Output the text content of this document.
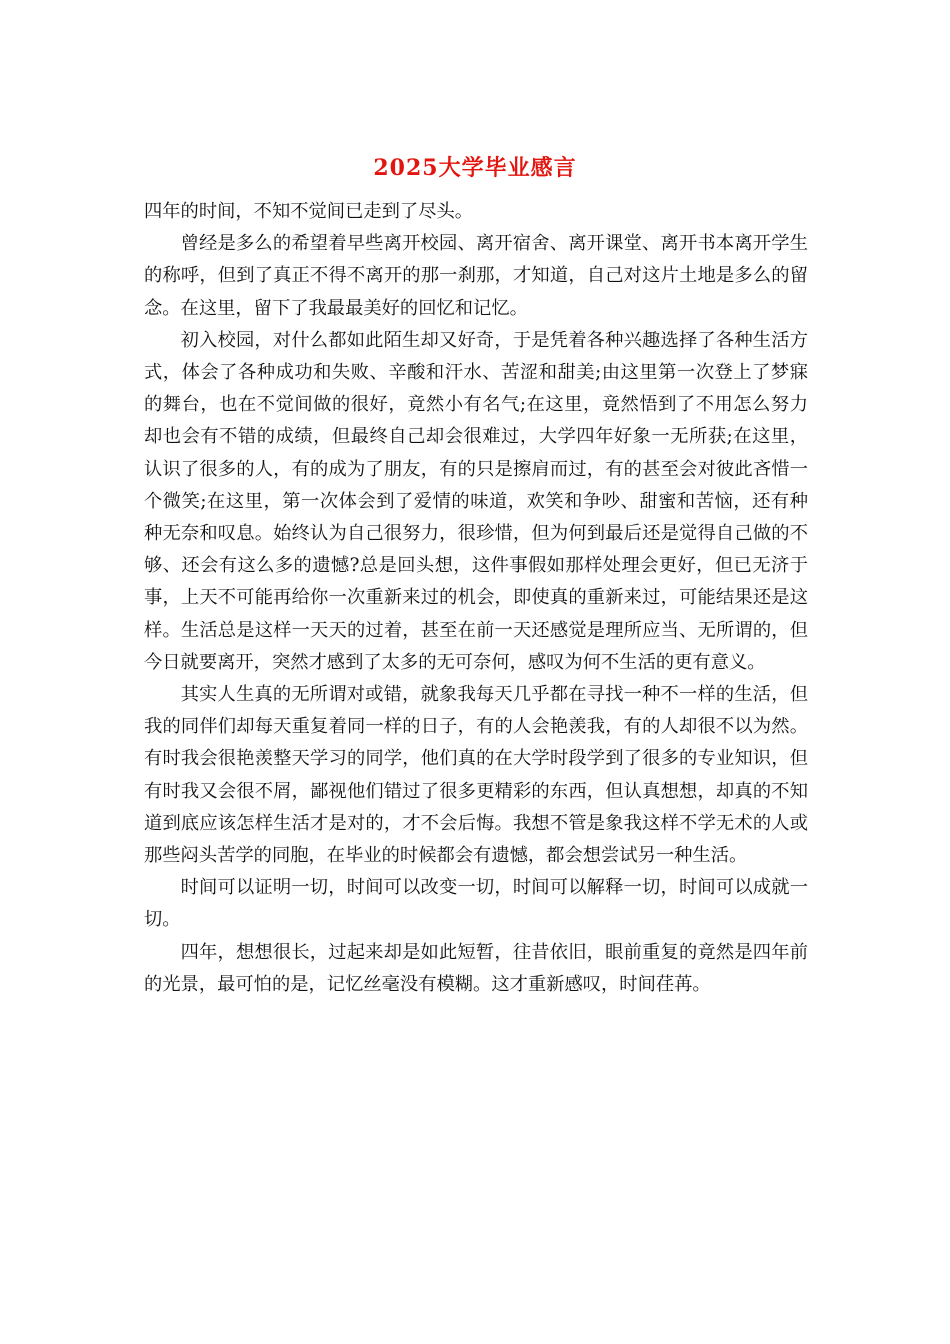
2025大学毕业感言

四年的时间，不知不觉间已走到了尽头。

曾经是多么的希望着早些离开校园、离开宿舍、离开课堂、离开书本离开学生的称呼，但到了真正不得不离开的那一刹那，才知道，自己对这片土地是多么的留念。在这里，留下了我最最美好的回忆和记忆。

初入校园，对什么都如此陌生却又好奇，于是凭着各种兴趣选择了各种生活方式，体会了各种成功和失败、辛酸和汗水、苦涩和甜美;由这里第一次登上了梦寐的舞台，也在不觉间做的很好，竟然小有名气;在这里，竟然悟到了不用怎么努力却也会有不错的成绩，但最终自己却会很难过，大学四年好象一无所获;在这里，认识了很多的人，有的成为了朋友，有的只是擦肩而过，有的甚至会对彼此吝惜一个微笑;在这里，第一次体会到了爱情的味道，欢笑和争吵、甜蜜和苦恼，还有种种无奈和叹息。始终认为自己很努力，很珍惜，但为何到最后还是觉得自己做的不够、还会有这么多的遗憾?总是回头想，这件事假如那样处理会更好，但已无济于事，上天不可能再给你一次重新来过的机会，即使真的重新来过，可能结果还是这样。生活总是这样一天天的过着，甚至在前一天还感觉是理所应当、无所谓的，但今日就要离开，突然才感到了太多的无可奈何，感叹为何不生活的更有意义。

其实人生真的无所谓对或错，就象我每天几乎都在寻找一种不一样的生活，但我的同伴们却每天重复着同一样的日子，有的人会艳羡我，有的人却很不以为然。有时我会很艳羡整天学习的同学，他们真的在大学时段学到了很多的专业知识，但有时我又会很不屑，鄙视他们错过了很多更精彩的东西，但认真想想，却真的不知道到底应该怎样生活才是对的，才不会后悔。我想不管是象我这样不学无术的人或那些闷头苦学的同胞，在毕业的时候都会有遗憾，都会想尝试另一种生活。

时间可以证明一切，时间可以改变一切，时间可以解释一切，时间可以成就一切。

四年，想想很长，过起来却是如此短暂，往昔依旧，眼前重复的竟然是四年前的光景，最可怕的是，记忆丝毫没有模糊。这才重新感叹，时间荏苒。
